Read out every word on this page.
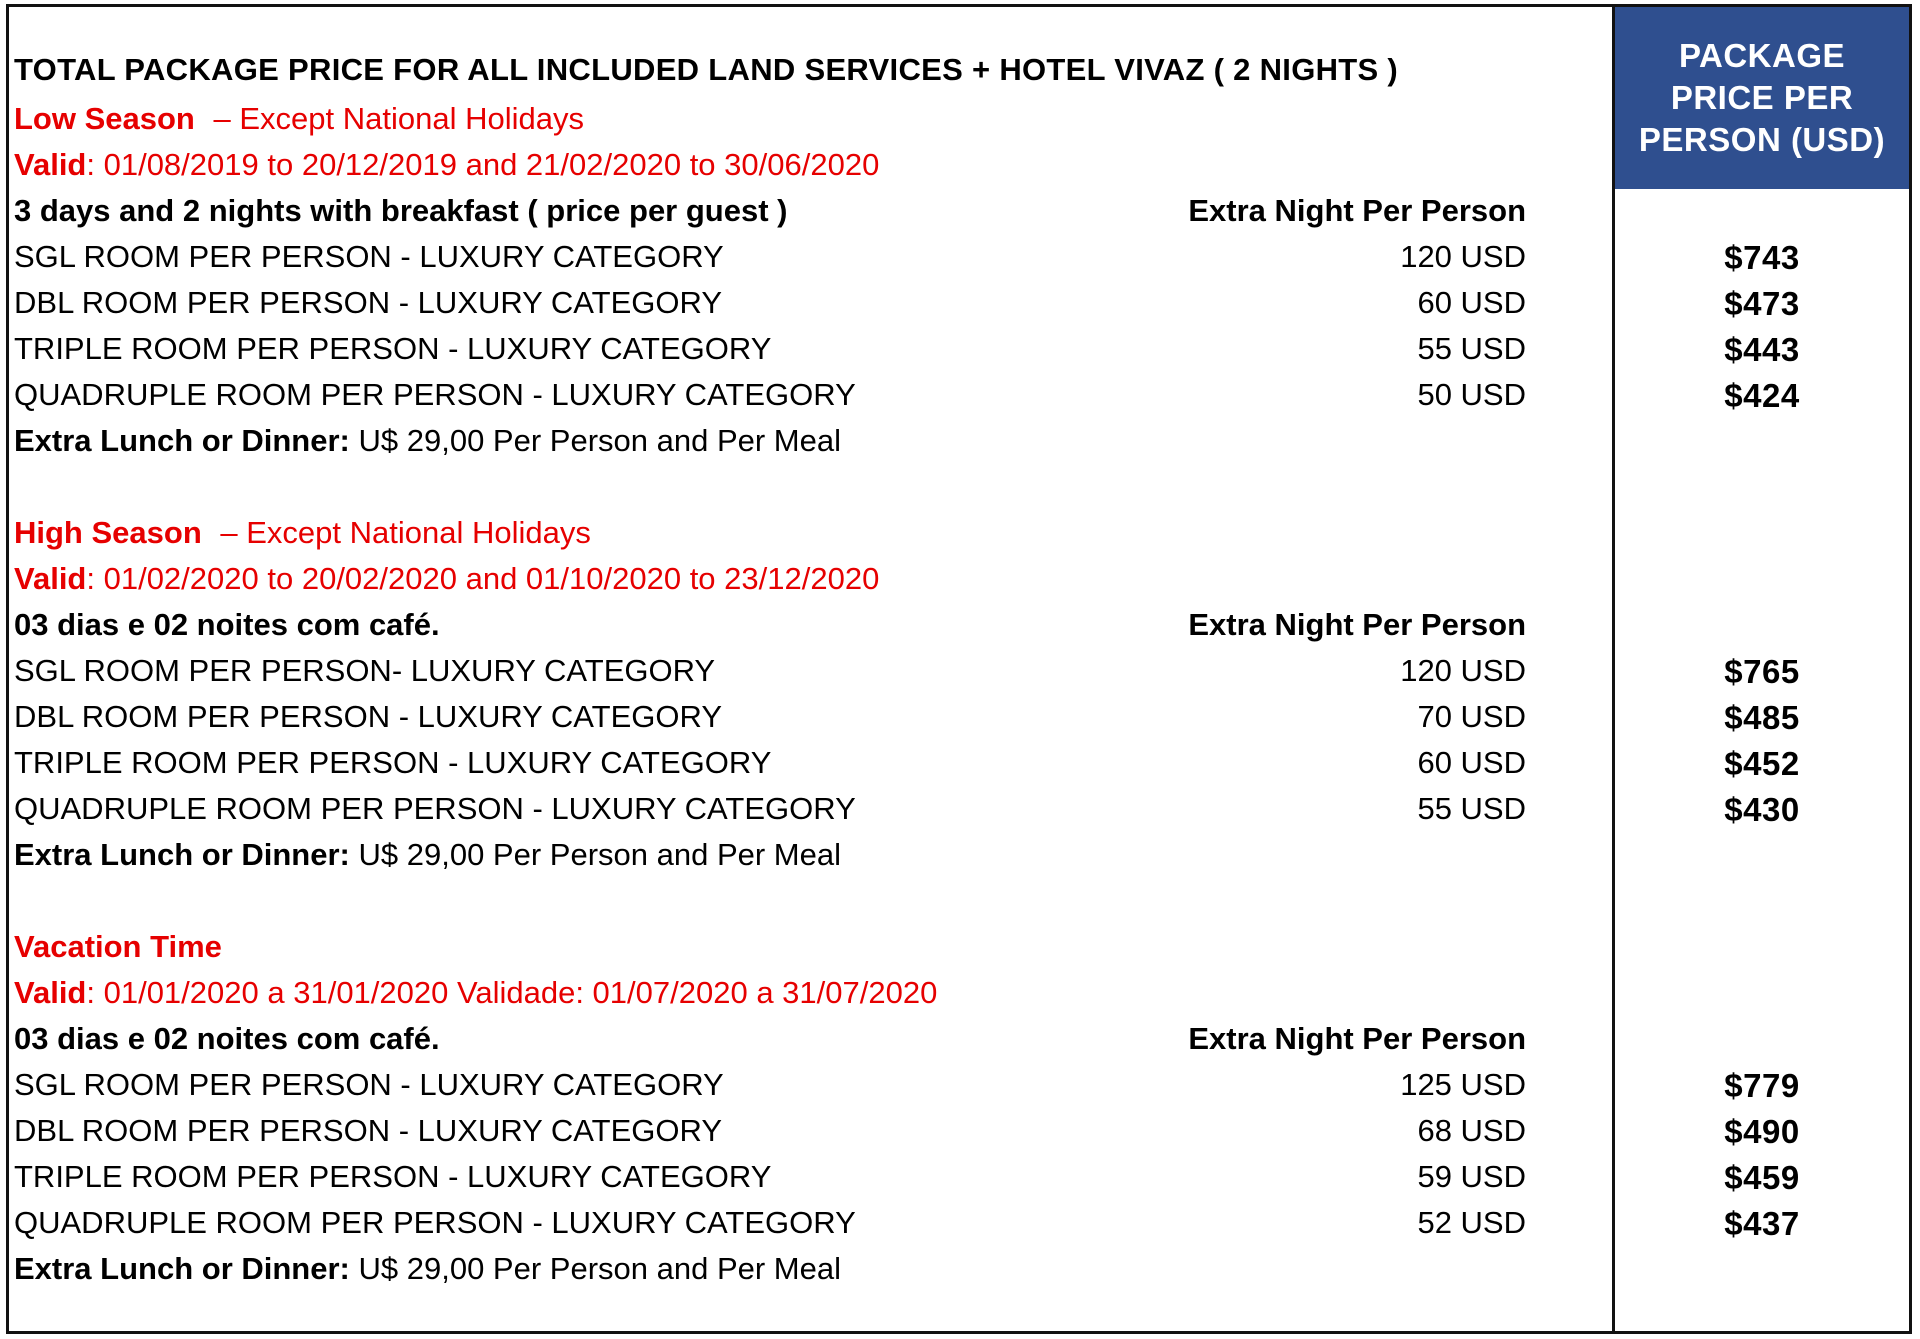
PACKAGE
PRICE PER
PERSON (USD)
TOTAL PACKAGE PRICE FOR ALL INCLUDED LAND SERVICES + HOTEL VIVAZ ( 2 NIGHTS )
Low Season – Except National Holidays
Valid: 01/08/2019 to 20/12/2019 and 21/02/2020 to 30/06/2020
3 days and 2 nights with breakfast ( price per guest )	Extra Night Per Person
SGL ROOM PER PERSON - LUXURY CATEGORY	120 USD	$743
DBL ROOM PER PERSON - LUXURY CATEGORY	60 USD	$473
TRIPLE ROOM PER PERSON - LUXURY CATEGORY	55 USD	$443
QUADRUPLE ROOM PER PERSON - LUXURY CATEGORY	50 USD	$424
Extra Lunch or Dinner: U$ 29,00 Per Person and Per Meal
High Season – Except National Holidays
Valid: 01/02/2020 to 20/02/2020 and 01/10/2020 to 23/12/2020
03 dias e 02 noites com café.	Extra Night Per Person
SGL ROOM PER PERSON- LUXURY CATEGORY	120 USD	$765
DBL ROOM PER PERSON - LUXURY CATEGORY	70 USD	$485
TRIPLE ROOM PER PERSON - LUXURY CATEGORY	60 USD	$452
QUADRUPLE ROOM PER PERSON - LUXURY CATEGORY	55 USD	$430
Extra Lunch or Dinner: U$ 29,00 Per Person and Per Meal
Vacation Time
Valid: 01/01/2020 a 31/01/2020 Validade: 01/07/2020 a 31/07/2020
03 dias e 02 noites com café.	Extra Night Per Person
SGL ROOM PER PERSON - LUXURY CATEGORY	125 USD	$779
DBL ROOM PER PERSON - LUXURY CATEGORY	68 USD	$490
TRIPLE ROOM PER PERSON - LUXURY CATEGORY	59 USD	$459
QUADRUPLE ROOM PER PERSON - LUXURY CATEGORY	52 USD	$437
Extra Lunch or Dinner: U$ 29,00 Per Person and Per Meal
